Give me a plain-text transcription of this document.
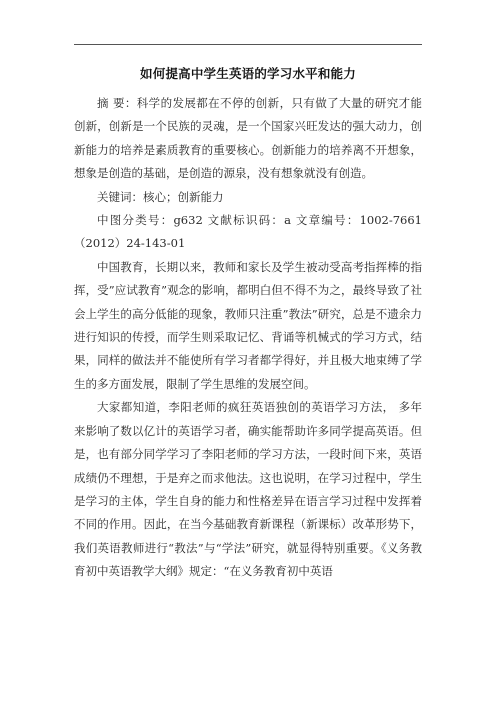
如何提高中学生英语的学习水平和能力

摘 要：科学的发展都在不停的创新，只有做了大量的研究才能创新，创新是一个民族的灵魂，是一个国家兴旺发达的强大动力，创新能力的培养是素质教育的重要核心。创新能力的培养离不开想象，想象是创造的基础，是创造的源泉，没有想象就没有创造。

关键词：核心；创新能力

中图分类号：g632 文献标识码：a 文章编号：1002-7661（2012）24-143-01

中国教育，长期以来，教师和家长及学生被动受高考指挥棒的指挥，受”应试教育”观念的影响，都明白但不得不为之，最终导致了社会上学生的高分低能的现象，教师只注重”教法”研究，总是不遗余力进行知识的传授，而学生则采取记忆、背诵等机械式的学习方式，结果，同样的做法并不能使所有学习者都学得好，并且极大地束缚了学生的多方面发展，限制了学生思维的发展空间。

大家都知道，李阳老师的疯狂英语独创的英语学习方法， 多年来影响了数以亿计的英语学习者，确实能帮助许多同学提高英语。但是，也有部分同学学习了李阳老师的学习方法，一段时间下来，英语成绩仍不理想，于是弃之而求他法。这也说明，在学习过程中，学生是学习的主体，学生自身的能力和性格差异在语言学习过程中发挥着不同的作用。因此，在当今基础教育新课程（新课标）改革形势下，我们英语教师进行“教法”与“学法”研究，就显得特别重要。《义务教育初中英语教学大纲》规定：“在义务教育初中英语
